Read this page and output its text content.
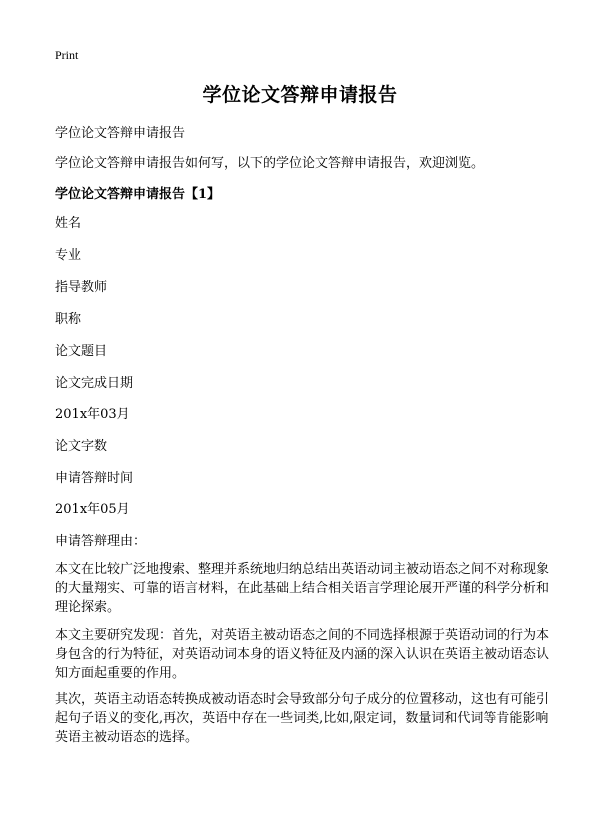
Print
学位论文答辩申请报告
学位论文答辩申请报告
学位论文答辩申请报告如何写，以下的学位论文答辩申请报告，欢迎浏览。
学位论文答辩申请报告【1】
姓名
专业
指导教师
职称
论文题目
论文完成日期
201x年03月
论文字数
申请答辩时间
201x年05月
申请答辩理由：
本文在比较广泛地搜索、整理并系统地归纳总结出英语动词主被动语态之间不对称现象的大量翔实、可靠的语言材料，在此基础上结合相关语言学理论展开严谨的科学分析和理论探索。
本文主要研究发现：首先，对英语主被动语态之间的不同选择根源于英语动词的行为本身包含的行为特征，对英语动词本身的语义特征及内涵的深入认识在英语主被动语态认知方面起重要的作用。
其次，英语主动语态转换成被动语态时会导致部分句子成分的位置移动，这也有可能引起句子语义的变化,再次，英语中存在一些词类,比如,限定词，数量词和代词等肯能影响英语主被动语态的选择。
